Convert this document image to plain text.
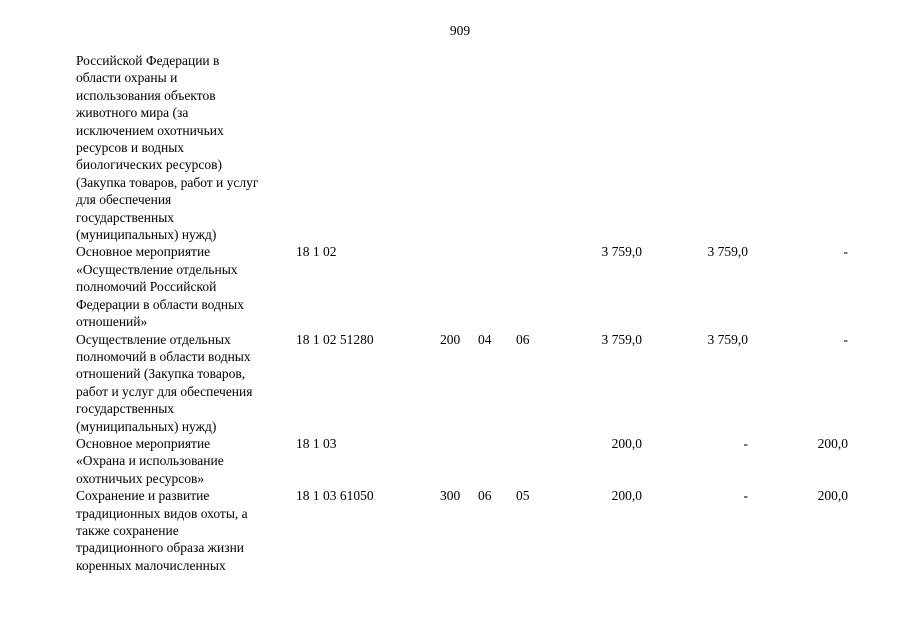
909
Российской Федерации в
области охраны и
использования объектов
животного мира (за
исключением охотничьих
ресурсов и водных
биологических ресурсов)
(Закупка товаров, работ и услуг
для обеспечения
государственных
(муниципальных) нужд)
Основное мероприятие
«Осуществление отдельных
полномочий Российской
Федерации в области водных
отношений»
18 1 02	3 759,0	3 759,0	-
Осуществление отдельных
полномочий в области водных
отношений (Закупка товаров,
работ и услуг для обеспечения
государственных
(муниципальных) нужд)
18 1 02 51280	200 04 06	3 759,0	3 759,0	-
Основное мероприятие
«Охрана и использование
охотничьих ресурсов»
18 1 03	200,0	-	200,0
Сохранение и развитие
традиционных видов охоты, а
также сохранение
традиционного образа жизни
коренных малочисленных
18 1 03 61050	300 06 05	200,0	-	200,0
